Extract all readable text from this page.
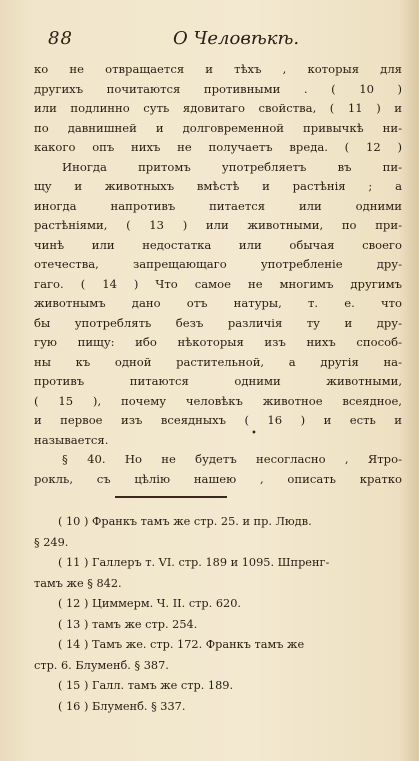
88	О Человѣкѣ.
ко не отвращается и тѣхъ , которыя для
другихъ почитаются противными . ( 10 )
или подлинно суть ядовитаго свойства, ( 11 ) и
по давнишней и долговременной привычкѣ ни-
какого опъ нихъ не получаетъ вреда. ( 12 )
Иногда притомъ употребляетъ въ пи-
щу и животныхъ вмѣстѣ и растѣнія ; а
иногда напротивъ питается или одними
растѣніями, ( 13 ) или животными, по при-
чинѣ или недостатка или обычая своего
отечества, запрещающаго употребленіе дру-
гаго. ( 14 ) Что самое не многимъ другимъ
животнымъ дано отъ натуры, т. е. что
бы употреблять безъ различія ту и дру-
гую пищу: ибо нѣкоторыя изъ нихъ способ-
ны къ одной растительной, а другія на-
противъ питаются одними животными,
( 15 ), почему человѣкъ животное всеядное,
и первое изъ всеядныхъ ( 16 ) и есть и
называется.
§ 40. Но не будетъ несогласно , Ятро-
рокль, съ цѣлію нашею , описать кратко
•
( 10 ) Франкъ тамъ же стр. 25. и пр. Людв.
§ 249.
( 11 ) Галлеръ т. VI. стр. 189 и 1095. Шпренг-
тамъ же § 842.
( 12 ) Циммерм. Ч. II. стр. 620.
( 13 ) тамъ же стр. 254.
( 14 ) Тамъ же. стр. 172. Франкъ тамъ же
стр. 6. Блуменб. § 387.
( 15 ) Галл. тамъ же стр. 189.
( 16 ) Блуменб. § 337.
